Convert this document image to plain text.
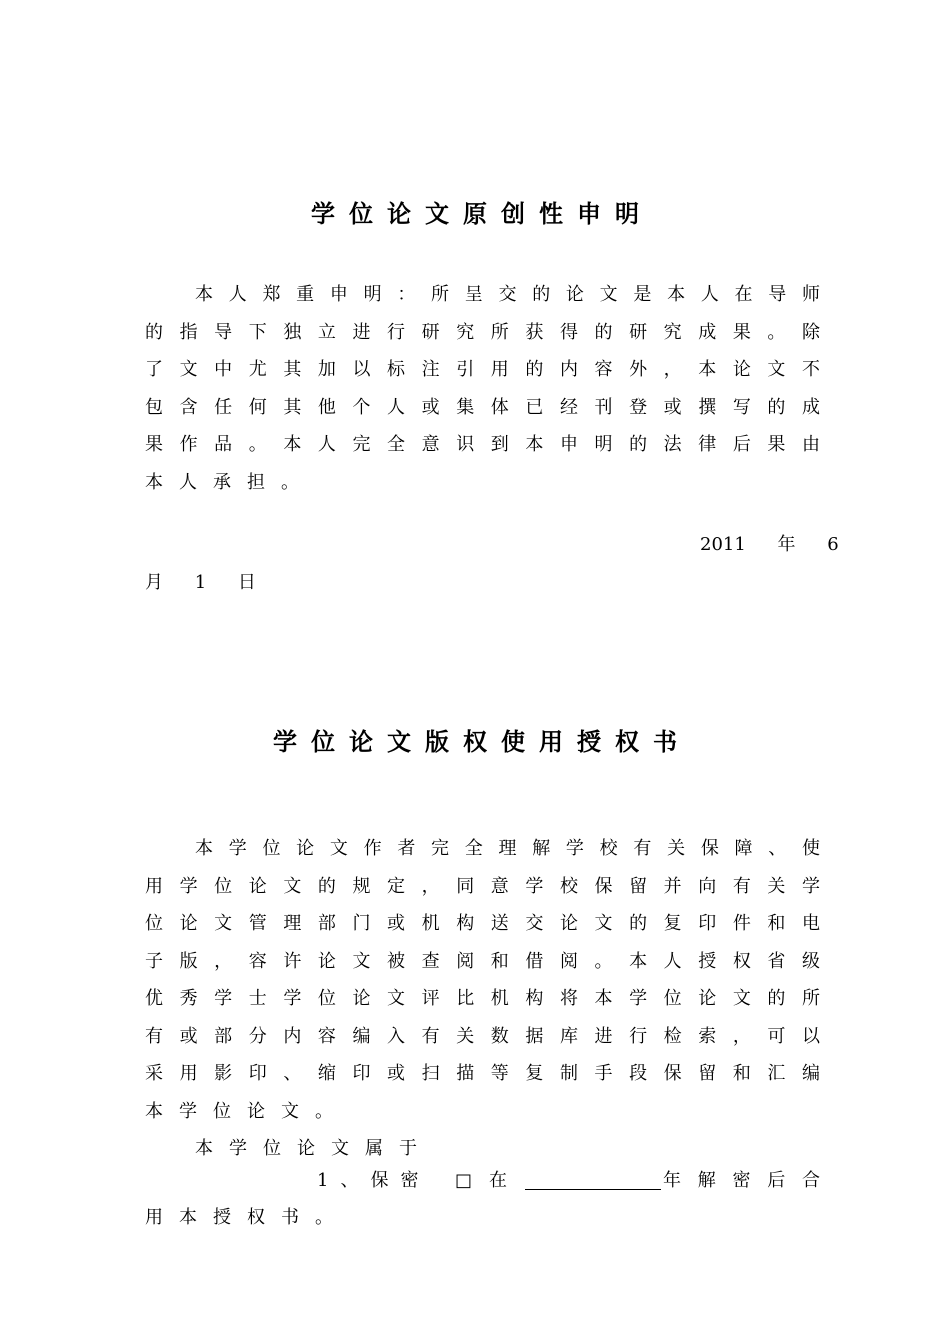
学位论文原创性申明
本 人 郑 重 申 明 ： 所 呈 交 的 论 文 是 本 人 在 导 师
的 指 导 下 独 立 进 行 研 究 所 获 得 的 研 究 成 果 。 除
了 文 中 尤 其 加 以 标 注 引 用 的 内 容 外 ， 本 论 文 不
包 含 任 何 其 他 个 人 或 集 体 已 经 刊 登 或 撰 写 的 成
果 作 品 。 本 人 完 全 意 识 到 本 申 明 的 法 律 后 果 由
本人承担。
2011 年 6
月 1 日
学位论文版权使用授权书
本 学 位 论 文 作 者 完 全 理 解 学 校 有 关 保 障 、 使
用 学 位 论 文 的 规 定 ， 同 意 学 校 保 留 并 向 有 关 学
位 论 文 管 理 部 门 或 机 构 送 交 论 文 的 复 印 件 和 电
子 版 ， 容 许 论 文 被 查 阅 和 借 阅 。 本 人 授 权 省 级
优 秀 学 士 学 位 论 文 评 比 机 构 将 本 学 位 论 文 的 所
有 或 部 分 内 容 编 入 有 关 数 据 库 进 行 检 索 ， 可 以
采 用 影 印 、 缩 印 或 扫 描 等 复 制 手 段 保 留 和 汇 编
本学位论文。
本学位论文属于
1、保密 □ 在	年解密后合
用本授权书。
